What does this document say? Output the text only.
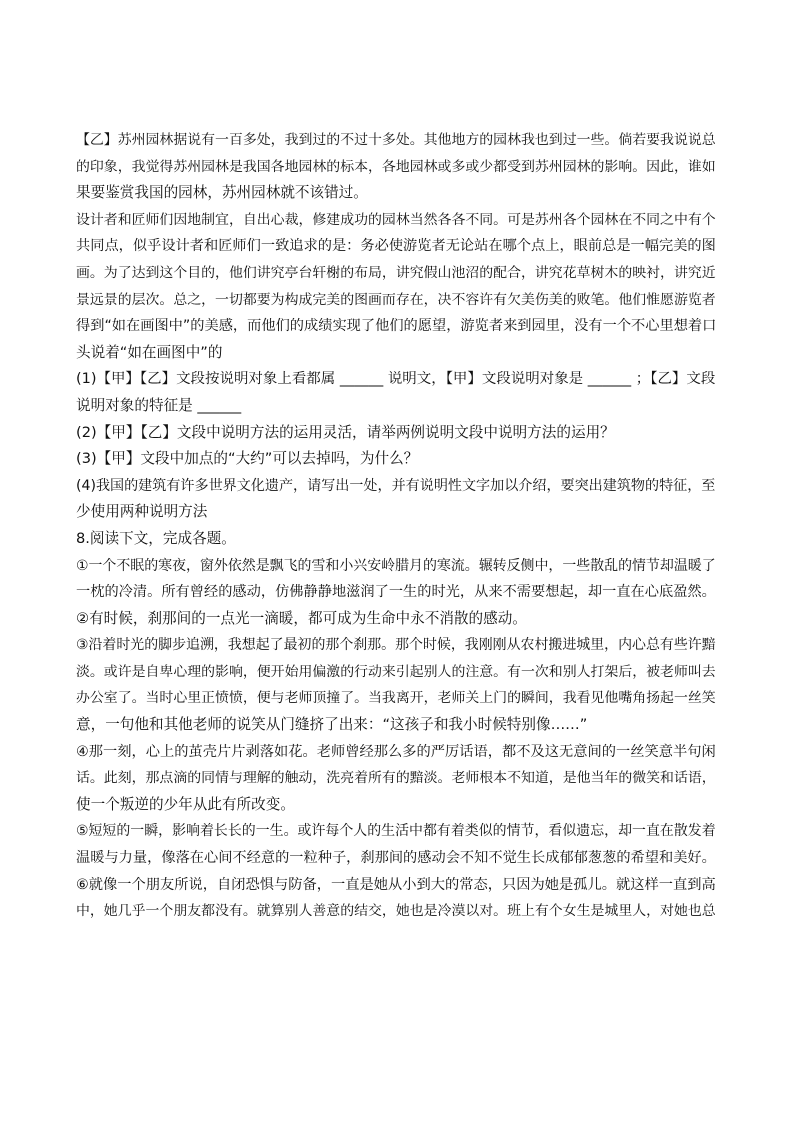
【乙】苏州园林据说有一百多处，我到过的不过十多处。其他地方的园林我也到过一些。倘若要我说说总
的印象，我觉得苏州园林是我国各地园林的标本，各地园林或多或少都受到苏州园林的影响。因此，谁如
果要鉴赏我国的园林，苏州园林就不该错过。
设计者和匠师们因地制宜，自出心裁，修建成功的园林当然各各不同。可是苏州各个园林在不同之中有个
共同点，似乎设计者和匠师们一致追求的是：务必使游览者无论站在哪个点上，眼前总是一幅完美的图
画。为了达到这个目的，他们讲究亭台轩榭的布局，讲究假山池沼的配合，讲究花草树木的映衬，讲究近
景远景的层次。总之，一切都要为构成完美的图画而存在，决不容许有欠美伤美的败笔。他们惟愿游览者
得到“如在画图中”的美感，而他们的成绩实现了他们的愿望，游览者来到园里，没有一个不心里想着口
头说着“如在画图中”的
(1)【甲】【乙】文段按说明对象上看都属 ______ 说明文，【甲】文段说明对象是 ______ ；【乙】文段
说明对象的特征是 ______
(2)【甲】【乙】文段中说明方法的运用灵活，请举两例说明文段中说明方法的运用？
(3)【甲】文段中加点的“大约”可以去掉吗，为什么？
(4)我国的建筑有许多世界文化遗产，请写出一处，并有说明性文字加以介绍，要突出建筑物的特征，至
少使用两种说明方法
8.阅读下文，完成各题。
①一个不眠的寒夜，窗外依然是飘飞的雪和小兴安岭腊月的寒流。辗转反侧中，一些散乱的情节却温暖了
一枕的冷清。所有曾经的感动，仿佛静静地滋润了一生的时光，从来不需要想起，却一直在心底盈然。
②有时候，刹那间的一点光一滴暖，都可成为生命中永不消散的感动。
③沿着时光的脚步追溯，我想起了最初的那个刹那。那个时候，我刚刚从农村搬进城里，内心总有些许黯
淡。或许是自卑心理的影响，便开始用偏激的行动来引起别人的注意。有一次和别人打架后，被老师叫去
办公室了。当时心里正愤愤，便与老师顶撞了。当我离开，老师关上门的瞬间，我看见他嘴角扬起一丝笑
意，一句他和其他老师的说笑从门缝挤了出来：“这孩子和我小时候特别像……”
④那一刻，心上的茧壳片片剥落如花。老师曾经那么多的严厉话语，都不及这无意间的一丝笑意半句闲
话。此刻，那点滴的同情与理解的触动，洗亮着所有的黯淡。老师根本不知道，是他当年的微笑和话语，
使一个叛逆的少年从此有所改变。
⑤短短的一瞬，影响着长长的一生。或许每个人的生活中都有着类似的情节，看似遗忘，却一直在散发着
温暖与力量，像落在心间不经意的一粒种子，刹那间的感动会不知不觉生长成郁郁葱葱的希望和美好。
⑥就像一个朋友所说，自闭恐惧与防备，一直是她从小到大的常态，只因为她是孤儿。就这样一直到高
中，她几乎一个朋友都没有。就算别人善意的结交，她也是冷漠以对。班上有个女生是城里人，对她也总
